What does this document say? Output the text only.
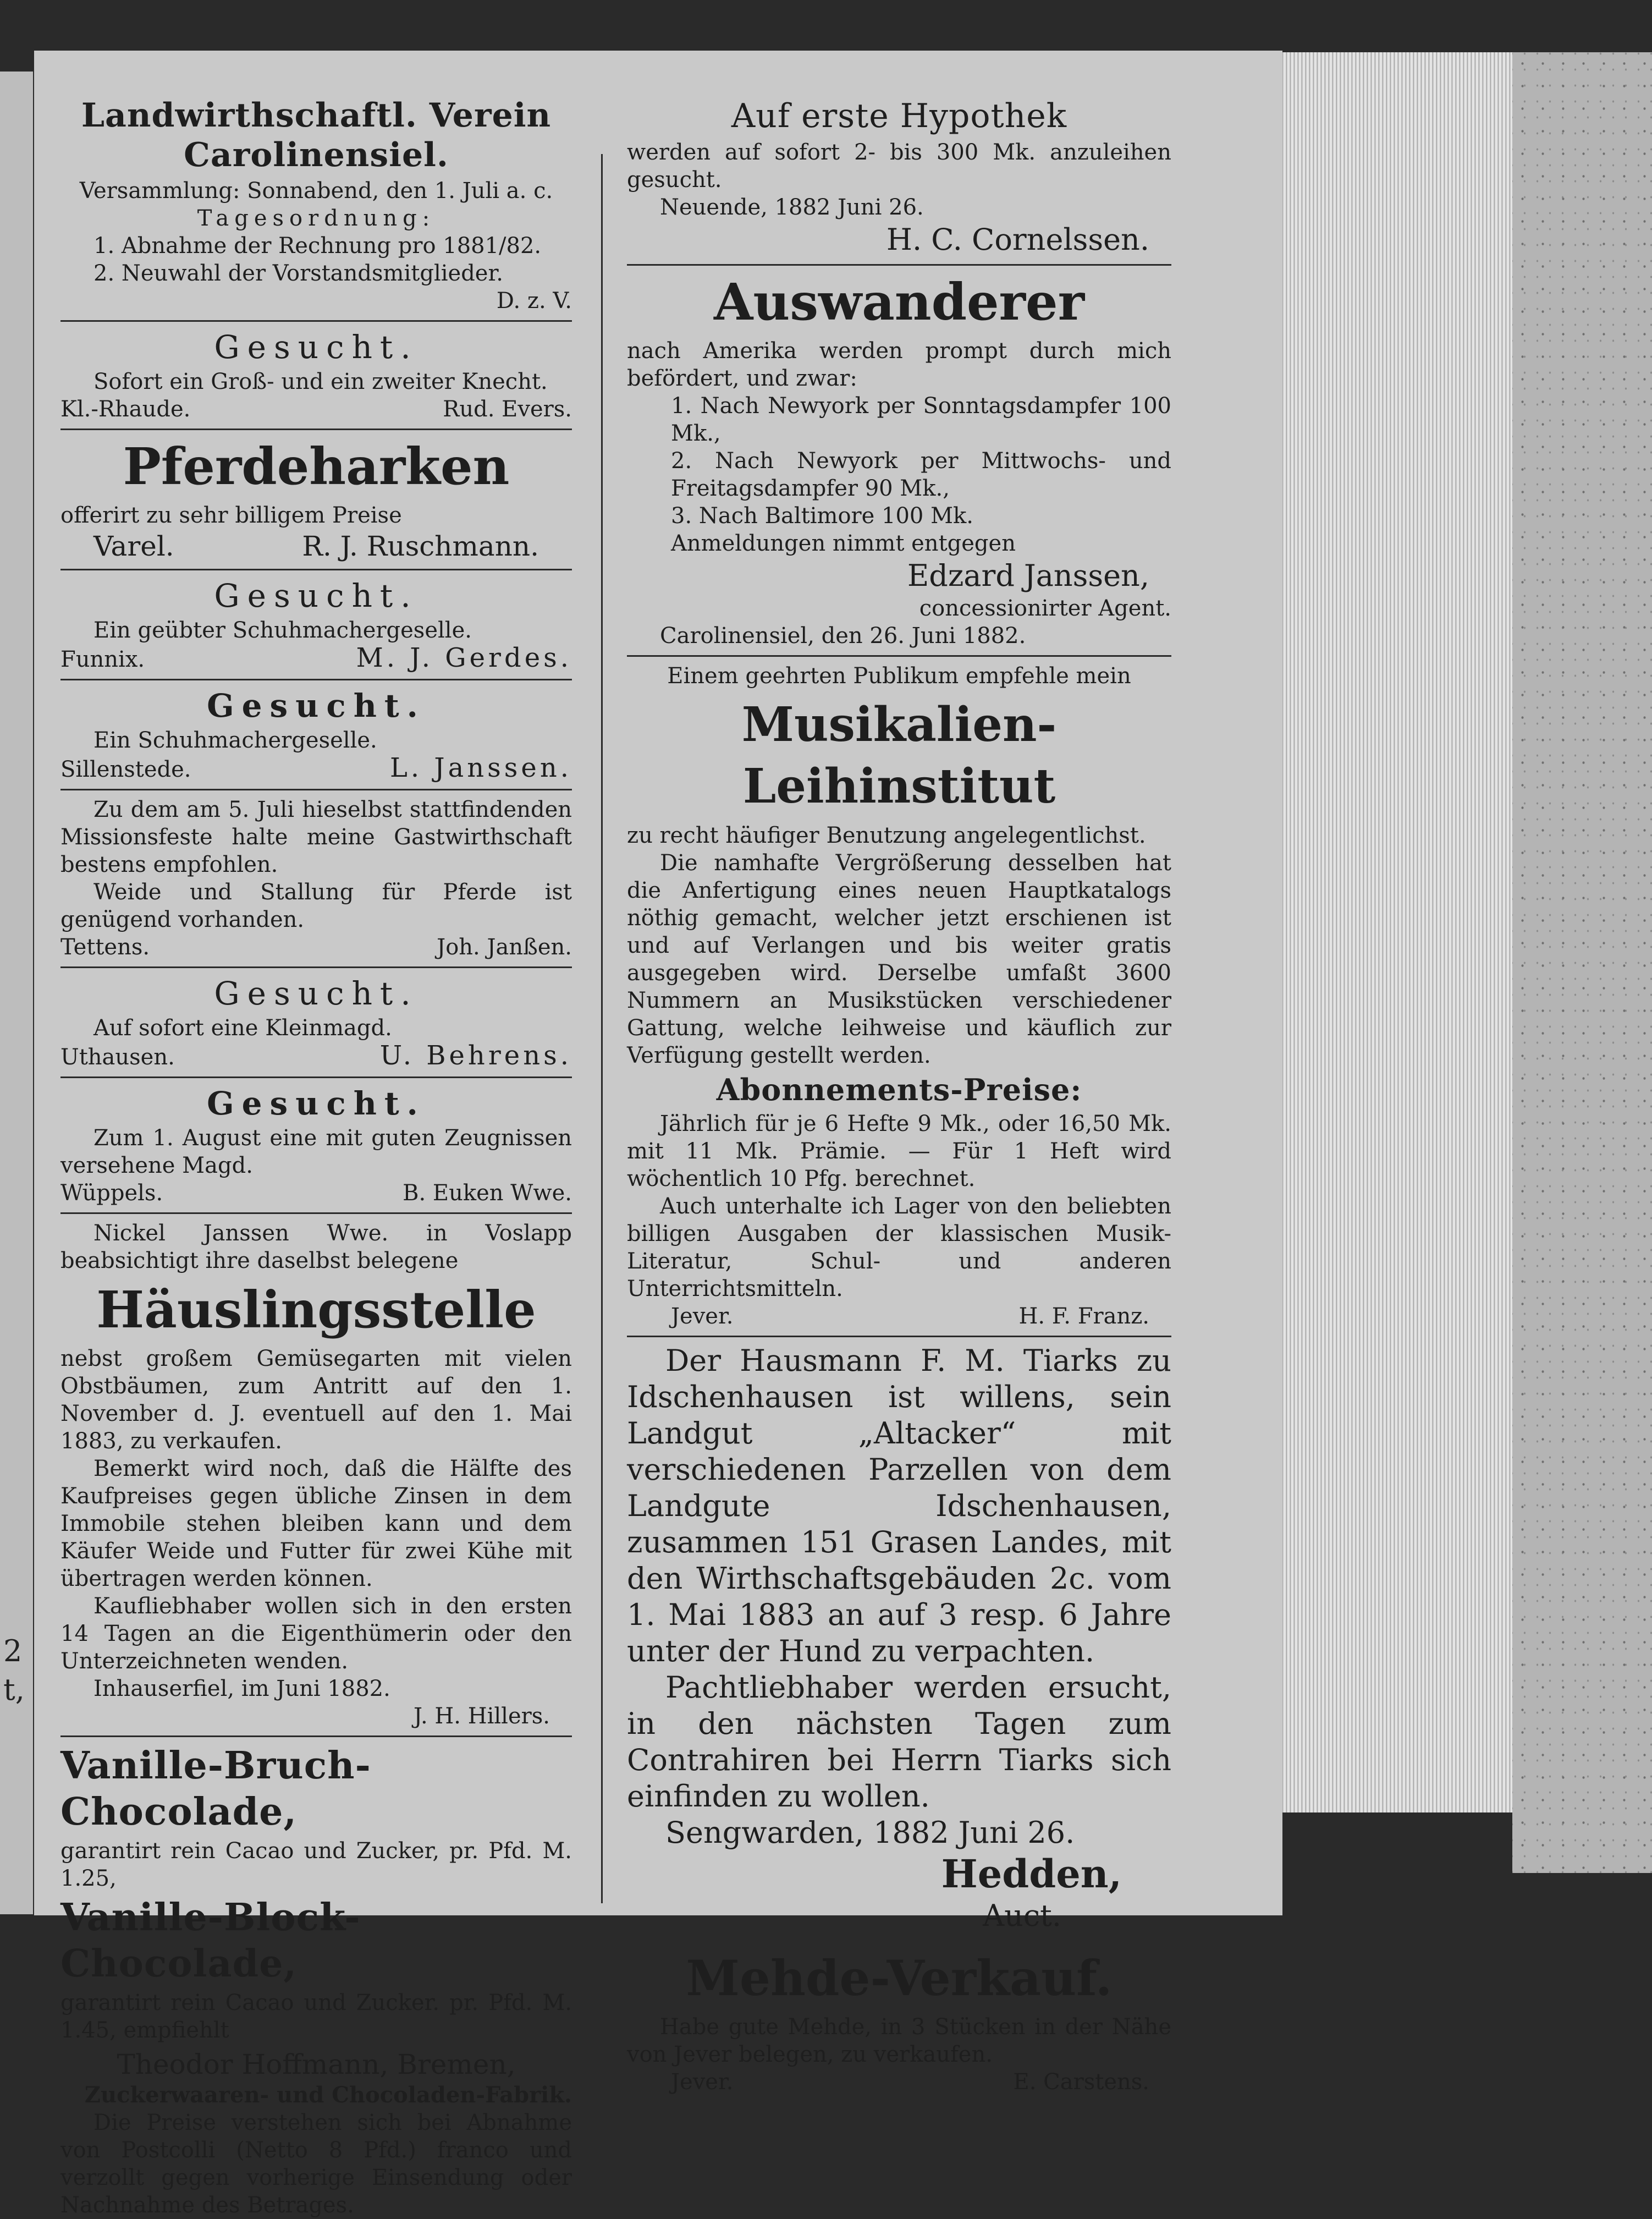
2
t,
Landwirthschaftl. Verein Carolinensiel.
Versammlung: Sonnabend, den 1. Juli a. c.
Tagesordnung:
1. Abnahme der Rechnung pro 1881/82.
2. Neuwahl der Vorstandsmitglieder.
D. z. V.
Gesucht.
Sofort ein Groß- und ein zweiter Knecht.
Kl.-Rhaude.	Rud. Evers.
Pferdeharken
offerirt zu sehr billigem Preise
Varel.	R. J. Ruschmann.
Gesucht.
Ein geübter Schuhmachergeselle.
Funnix.	M. J. Gerdes.
Gesucht.
Ein Schuhmachergeselle.
Sillenstede.	L. Janssen.
Zu dem am 5. Juli hieselbst stattfindenden Missionsfeste halte meine Gastwirthschaft bestens empfohlen.
Weide und Stallung für Pferde ist genügend vorhanden.
Tettens.	Joh. Janßen.
Gesucht.
Auf sofort eine Kleinmagd.
Uthausen.	U. Behrens.
Gesucht.
Zum 1. August eine mit guten Zeugnissen versehene Magd.
Wüppels.	B. Euken Wwe.
Nickel Janssen Wwe. in Voslapp beabsichtigt ihre daselbst belegene
Häuslingsstelle
nebst großem Gemüsegarten mit vielen Obstbäumen, zum Antritt auf den 1. November d. J. eventuell auf den 1. Mai 1883, zu verkaufen.
Bemerkt wird noch, daß die Hälfte des Kaufpreises gegen übliche Zinsen in dem Immobile stehen bleiben kann und dem Käufer Weide und Futter für zwei Kühe mit übertragen werden können.
Kaufliebhaber wollen sich in den ersten 14 Tagen an die Eigenthümerin oder den Unterzeichneten wenden.
Inhauserfiel, im Juni 1882.
J. H. Hillers.
Vanille-Bruch-Chocolade,
garantirt rein Cacao und Zucker, pr. Pfd. M. 1.25,
Vanille-Block-Chocolade,
garantirt rein Cacao und Zucker. pr. Pfd. M. 1.45, empfiehlt
Theodor Hoffmann, Bremen,
Zuckerwaaren- und Chocoladen-Fabrik.
Die Preise verstehen sich bei Abnahme von Postcolli (Netto 8 Pfd.) franco und verzollt gegen vorherige Einsendung oder Nachnahme des Betrages.
Auf erste Hypothek
werden auf sofort 2- bis 300 Mk. anzuleihen gesucht.
Neuende, 1882 Juni 26.
H. C. Cornelssen.
Auswanderer
nach Amerika werden prompt durch mich befördert, und zwar:
1. Nach Newyork per Sonntagsdampfer 100 Mk.,
2. Nach Newyork per Mittwochs- und Freitagsdampfer 90 Mk.,
3. Nach Baltimore 100 Mk.
Anmeldungen nimmt entgegen
Edzard Janssen,
concessionirter Agent.
Carolinensiel, den 26. Juni 1882.
Einem geehrten Publikum empfehle mein
Musikalien-Leihinstitut
zu recht häufiger Benutzung angelegentlichst.
Die namhafte Vergrößerung desselben hat die Anfertigung eines neuen Hauptkatalogs nöthig gemacht, welcher jetzt erschienen ist und auf Verlangen und bis weiter gratis ausgegeben wird. Derselbe umfaßt 3600 Nummern an Musikstücken verschiedener Gattung, welche leihweise und käuflich zur Verfügung gestellt werden.
Abonnements-Preise:
Jährlich für je 6 Hefte 9 Mk., oder 16,50 Mk. mit 11 Mk. Prämie. — Für 1 Heft wird wöchentlich 10 Pfg. berechnet.
Auch unterhalte ich Lager von den beliebten billigen Ausgaben der klassischen Musik-Literatur, Schul- und anderen Unterrichtsmitteln.
Jever.	H. F. Franz.
Der Hausmann F. M. Tiarks zu Idschenhausen ist willens, sein Landgut „Altacker“ mit verschiedenen Parzellen von dem Landgute Idschenhausen, zusammen 151 Grasen Landes, mit den Wirthschaftsgebäuden 2c. vom 1. Mai 1883 an auf 3 resp. 6 Jahre unter der Hund zu verpachten.
Pachtliebhaber werden ersucht, in den nächsten Tagen zum Contrahiren bei Herrn Tiarks sich einfinden zu wollen.
Sengwarden, 1882 Juni 26.
Hedden,
Auct.
Mehde-Verkauf.
Habe gute Mehde, in 3 Stücken in der Nähe von Jever belegen, zu verkaufen.
Jever.	E. Carstens.
